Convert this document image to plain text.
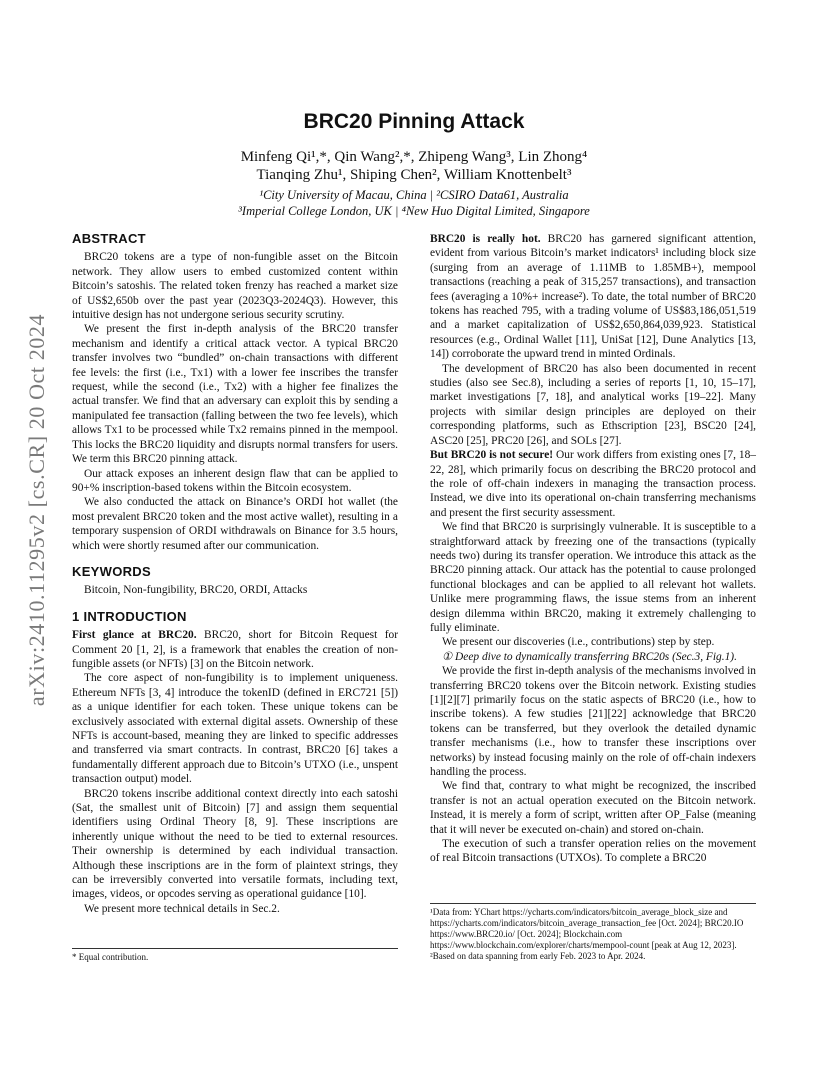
arXiv:2410.11295v2 [cs.CR] 20 Oct 2024
BRC20 Pinning Attack
Minfeng Qi¹,*, Qin Wang²,*, Zhipeng Wang³, Lin Zhong⁴
Tianqing Zhu¹, Shiping Chen², William Knottenbelt³
¹City University of Macau, China | ²CSIRO Data61, Australia
³Imperial College London, UK | ⁴New Huo Digital Limited, Singapore
ABSTRACT

BRC20 tokens are a type of non-fungible asset on the Bitcoin network. They allow users to embed customized content within Bitcoin’s satoshis. The related token frenzy has reached a market size of US$2,650b over the past year (2023Q3-2024Q3). However, this intuitive design has not undergone serious security scrutiny.

We present the first in-depth analysis of the BRC20 transfer mechanism and identify a critical attack vector. A typical BRC20 transfer involves two “bundled” on-chain transactions with different fee levels: the first (i.e., Tx1) with a lower fee inscribes the transfer request, while the second (i.e., Tx2) with a higher fee finalizes the actual transfer. We find that an adversary can exploit this by sending a manipulated fee transaction (falling between the two fee levels), which allows Tx1 to be processed while Tx2 remains pinned in the mempool. This locks the BRC20 liquidity and disrupts normal transfers for users. We term this BRC20 pinning attack.

Our attack exposes an inherent design flaw that can be applied to 90+% inscription-based tokens within the Bitcoin ecosystem.

We also conducted the attack on Binance’s ORDI hot wallet (the most prevalent BRC20 token and the most active wallet), resulting in a temporary suspension of ORDI withdrawals on Binance for 3.5 hours, which were shortly resumed after our communication.

KEYWORDS

Bitcoin, Non-fungibility, BRC20, ORDI, Attacks

1 INTRODUCTION

First glance at BRC20. BRC20, short for Bitcoin Request for Comment 20 [1, 2], is a framework that enables the creation of non-fungible assets (or NFTs) [3] on the Bitcoin network.

The core aspect of non-fungibility is to implement uniqueness. Ethereum NFTs [3, 4] introduce the tokenID (defined in ERC721 [5]) as a unique identifier for each token. These unique tokens can be exclusively associated with external digital assets. Ownership of these NFTs is account-based, meaning they are linked to specific addresses and transferred via smart contracts. In contrast, BRC20 [6] takes a fundamentally different approach due to Bitcoin’s UTXO (i.e., unspent transaction output) model.

BRC20 tokens inscribe additional context directly into each satoshi (Sat, the smallest unit of Bitcoin) [7] and assign them sequential identifiers using Ordinal Theory [8, 9]. These inscriptions are inherently unique without the need to be tied to external resources. Their ownership is determined by each individual transaction. Although these inscriptions are in the form of plaintext strings, they can be irreversibly converted into versatile formats, including text, images, videos, or opcodes serving as operational guidance [10].

We present more technical details in Sec.2.

* Equal contribution.

BRC20 is really hot. BRC20 has garnered significant attention, evident from various Bitcoin’s market indicators¹ including block size (surging from an average of 1.11MB to 1.85MB+), mempool transactions (reaching a peak of 315,257 transactions), and transaction fees (averaging a 10%+ increase²). To date, the total number of BRC20 tokens has reached 795, with a trading volume of US$83,186,051,519 and a market capitalization of US$2,650,864,039,923. Statistical resources (e.g., Ordinal Wallet [11], UniSat [12], Dune Analytics [13, 14]) corroborate the upward trend in minted Ordinals.

The development of BRC20 has also been documented in recent studies (also see Sec.8), including a series of reports [1, 10, 15–17], market investigations [7, 18], and analytical works [19–22]. Many projects with similar design principles are deployed on their corresponding platforms, such as Ethscription [23], BSC20 [24], ASC20 [25], PRC20 [26], and SOLs [27].

But BRC20 is not secure! Our work differs from existing ones [7, 18–22, 28], which primarily focus on describing the BRC20 protocol and the role of off-chain indexers in managing the transaction process. Instead, we dive into its operational on-chain transferring mechanisms and present the first security assessment.

We find that BRC20 is surprisingly vulnerable. It is susceptible to a straightforward attack by freezing one of the transactions (typically needs two) during its transfer operation. We introduce this attack as the BRC20 pinning attack. Our attack has the potential to cause prolonged functional blockages and can be applied to all relevant hot wallets. Unlike mere programming flaws, the issue stems from an inherent design dilemma within BRC20, making it extremely challenging to fully eliminate.

We present our discoveries (i.e., contributions) step by step.

① Deep dive to dynamically transferring BRC20s (Sec.3, Fig.1).

We provide the first in-depth analysis of the mechanisms involved in transferring BRC20 tokens over the Bitcoin network. Existing studies [1][2][7] primarily focus on the static aspects of BRC20 (i.e., how to inscribe tokens). A few studies [21][22] acknowledge that BRC20 tokens can be transferred, but they overlook the detailed dynamic transfer mechanisms (i.e., how to transfer these inscriptions over networks) by instead focusing mainly on the role of off-chain indexers handling the process.

We find that, contrary to what might be recognized, the inscribed transfer is not an actual operation executed on the Bitcoin network. Instead, it is merely a form of script, written after OP_False (meaning that it will never be executed on-chain) and stored on-chain.

The execution of such a transfer operation relies on the movement of real Bitcoin transactions (UTXOs). To complete a BRC20

¹Data from: YChart https://ycharts.com/indicators/bitcoin_average_block_size and https://ycharts.com/indicators/bitcoin_average_transaction_fee [Oct. 2024]; BRC20.IO https://www.BRC20.io/ [Oct. 2024]; Blockchain.com https://www.blockchain.com/explorer/charts/mempool-count [peak at Aug 12, 2023].

²Based on data spanning from early Feb. 2023 to Apr. 2024.
